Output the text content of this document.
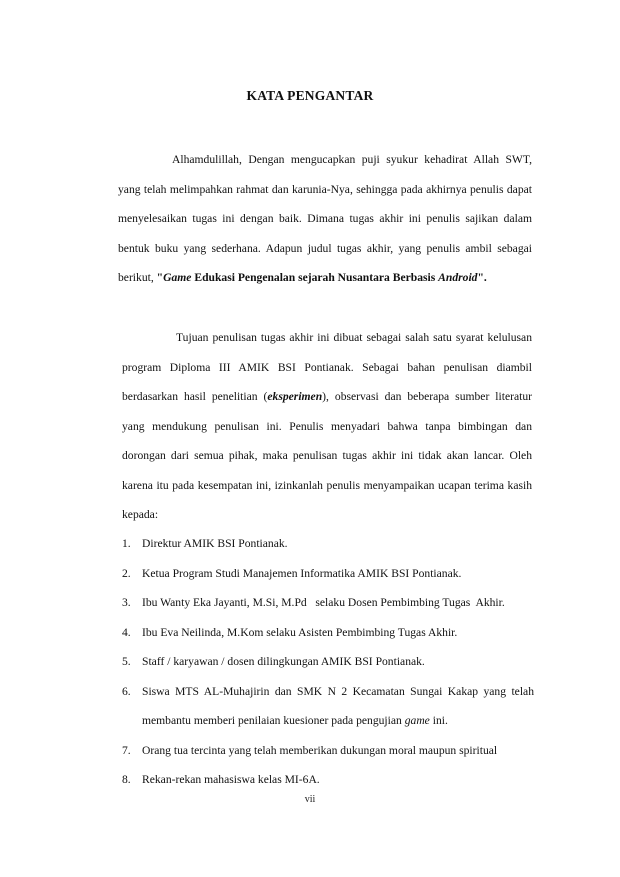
KATA PENGANTAR
Alhamdulillah, Dengan mengucapkan puji syukur kehadirat Allah SWT, yang telah melimpahkan rahmat dan karunia-Nya, sehingga pada akhirnya penulis dapat menyelesaikan tugas ini dengan baik. Dimana tugas akhir ini penulis sajikan dalam bentuk buku yang sederhana. Adapun judul tugas akhir, yang penulis ambil sebagai berikut, "Game Edukasi Pengenalan sejarah Nusantara Berbasis Android".
Tujuan penulisan tugas akhir ini dibuat sebagai salah satu syarat kelulusan program Diploma III AMIK BSI Pontianak. Sebagai bahan penulisan diambil berdasarkan hasil penelitian (eksperimen), observasi dan beberapa sumber literatur yang mendukung penulisan ini. Penulis menyadari bahwa tanpa bimbingan dan dorongan dari semua pihak, maka penulisan tugas akhir ini tidak akan lancar. Oleh karena itu pada kesempatan ini, izinkanlah penulis menyampaikan ucapan terima kasih kepada:
1. Direktur AMIK BSI Pontianak.
2. Ketua Program Studi Manajemen Informatika AMIK BSI Pontianak.
3. Ibu Wanty Eka Jayanti, M.Si, M.Pd   selaku Dosen Pembimbing Tugas  Akhir.
4. Ibu Eva Neilinda, M.Kom selaku Asisten Pembimbing Tugas Akhir.
5. Staff / karyawan / dosen dilingkungan AMIK BSI Pontianak.
6. Siswa MTS AL-Muhajirin dan SMK N 2 Kecamatan Sungai Kakap yang telah membantu memberi penilaian kuesioner pada pengujian game ini.
7. Orang tua tercinta yang telah memberikan dukungan moral maupun spiritual
8. Rekan-rekan mahasiswa kelas MI-6A.
vii
